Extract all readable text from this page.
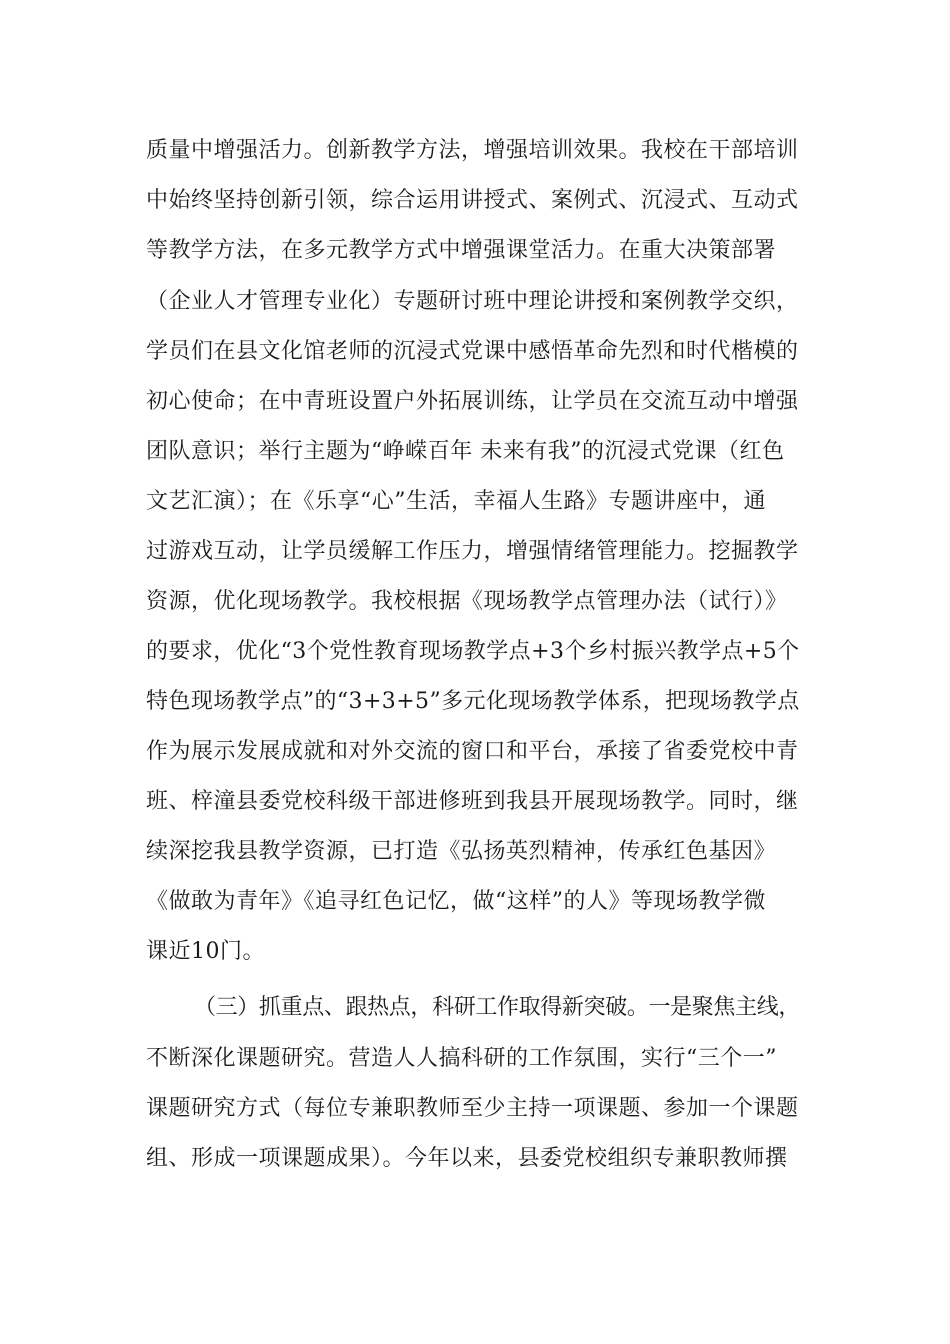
质量中增强活力。创新教学方法，增强培训效果。我校在干部培训
中始终坚持创新引领，综合运用讲授式、案例式、沉浸式、互动式
等教学方法，在多元教学方式中增强课堂活力。在重大决策部署
（企业人才管理专业化）专题研讨班中理论讲授和案例教学交织，
学员们在县文化馆老师的沉浸式党课中感悟革命先烈和时代楷模的
初心使命；在中青班设置户外拓展训练，让学员在交流互动中增强
团队意识；举行主题为“峥嵘百年 未来有我”的沉浸式党课（红色
文艺汇演）；在《乐享“心”生活，幸福人生路》专题讲座中，通
过游戏互动，让学员缓解工作压力，增强情绪管理能力。挖掘教学
资源，优化现场教学。我校根据《现场教学点管理办法（试行）》
的要求，优化“3个党性教育现场教学点+3个乡村振兴教学点+5个
特色现场教学点”的“3+3+5”多元化现场教学体系，把现场教学点
作为展示发展成就和对外交流的窗口和平台，承接了省委党校中青
班、梓潼县委党校科级干部进修班到我县开展现场教学。同时，继
续深挖我县教学资源，已打造《弘扬英烈精神，传承红色基因》
《做敢为青年》《追寻红色记忆，做“这样”的人》等现场教学微
课近10门。
（三）抓重点、跟热点，科研工作取得新突破。一是聚焦主线，
不断深化课题研究。营造人人搞科研的工作氛围，实行“三个一”
课题研究方式（每位专兼职教师至少主持一项课题、参加一个课题
组、形成一项课题成果）。今年以来，县委党校组织专兼职教师撰
